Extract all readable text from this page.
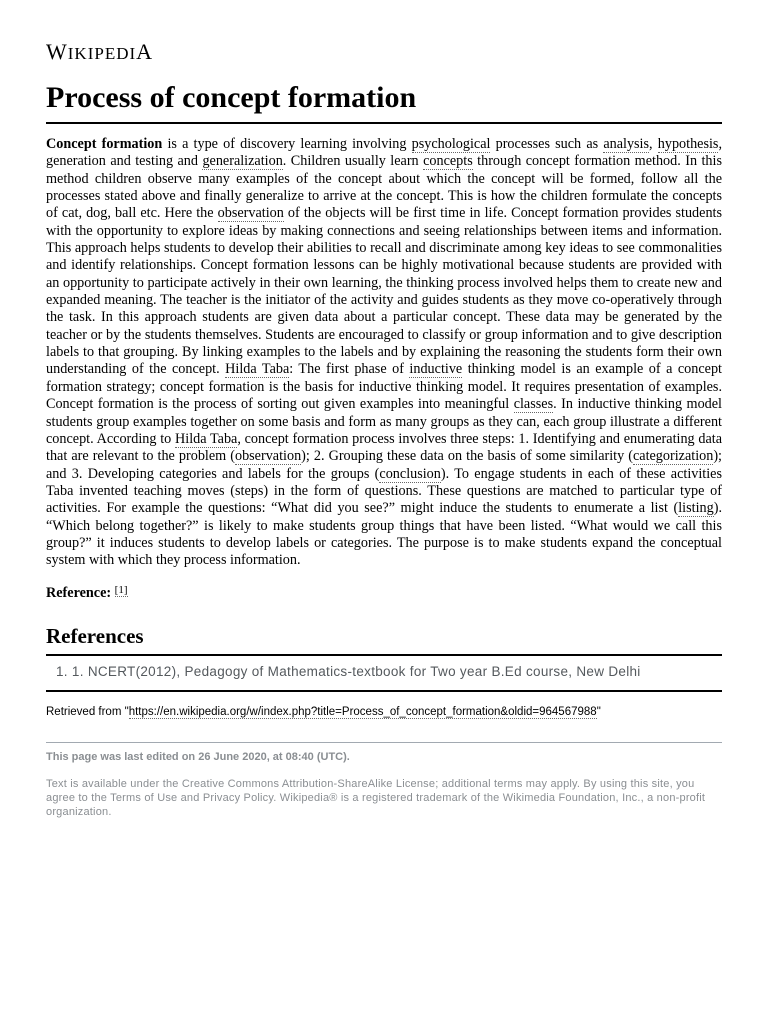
WIKIPEDIA
Process of concept formation

Concept formation is a type of discovery learning involving psychological processes such as analysis, hypothesis, generation and testing and generalization. Children usually learn concepts through concept formation method. In this method children observe many examples of the concept about which the concept will be formed, follow all the processes stated above and finally generalize to arrive at the concept. This is how the children formulate the concepts of cat, dog, ball etc. Here the observation of the objects will be first time in life. Concept formation provides students with the opportunity to explore ideas by making connections and seeing relationships between items and information. This approach helps students to develop their abilities to recall and discriminate among key ideas to see commonalities and identify relationships. Concept formation lessons can be highly motivational because students are provided with an opportunity to participate actively in their own learning, the thinking process involved helps them to create new and expanded meaning. The teacher is the initiator of the activity and guides students as they move co-operatively through the task. In this approach students are given data about a particular concept. These data may be generated by the teacher or by the students themselves. Students are encouraged to classify or group information and to give description labels to that grouping. By linking examples to the labels and by explaining the reasoning the students form their own understanding of the concept. Hilda Taba: The first phase of inductive thinking model is an example of a concept formation strategy; concept formation is the basis for inductive thinking model. It requires presentation of examples. Concept formation is the process of sorting out given examples into meaningful classes. In inductive thinking model students group examples together on some basis and form as many groups as they can, each group illustrate a different concept. According to Hilda Taba, concept formation process involves three steps: 1. Identifying and enumerating data that are relevant to the problem (observation); 2. Grouping these data on the basis of some similarity (categorization); and 3. Developing categories and labels for the groups (conclusion). To engage students in each of these activities Taba invented teaching moves (steps) in the form of questions. These questions are matched to particular type of activities. For example the questions: “What did you see?” might induce the students to enumerate a list (listing). “Which belong together?” is likely to make students group things that have been listed. “What would we call this group?” it induces students to develop labels or categories. The purpose is to make students expand the conceptual system with which they process information.

Reference: [1]
References
1. 1. NCERT(2012), Pedagogy of Mathematics-textbook for Two year B.Ed course, New Delhi
Retrieved from "https://en.wikipedia.org/w/index.php?title=Process_of_concept_formation&oldid=964567988"
This page was last edited on 26 June 2020, at 08:40 (UTC).
Text is available under the Creative Commons Attribution-ShareAlike License; additional terms may apply. By using this site, you agree to the Terms of Use and Privacy Policy. Wikipedia® is a registered trademark of the Wikimedia Foundation, Inc., a non-profit organization.
